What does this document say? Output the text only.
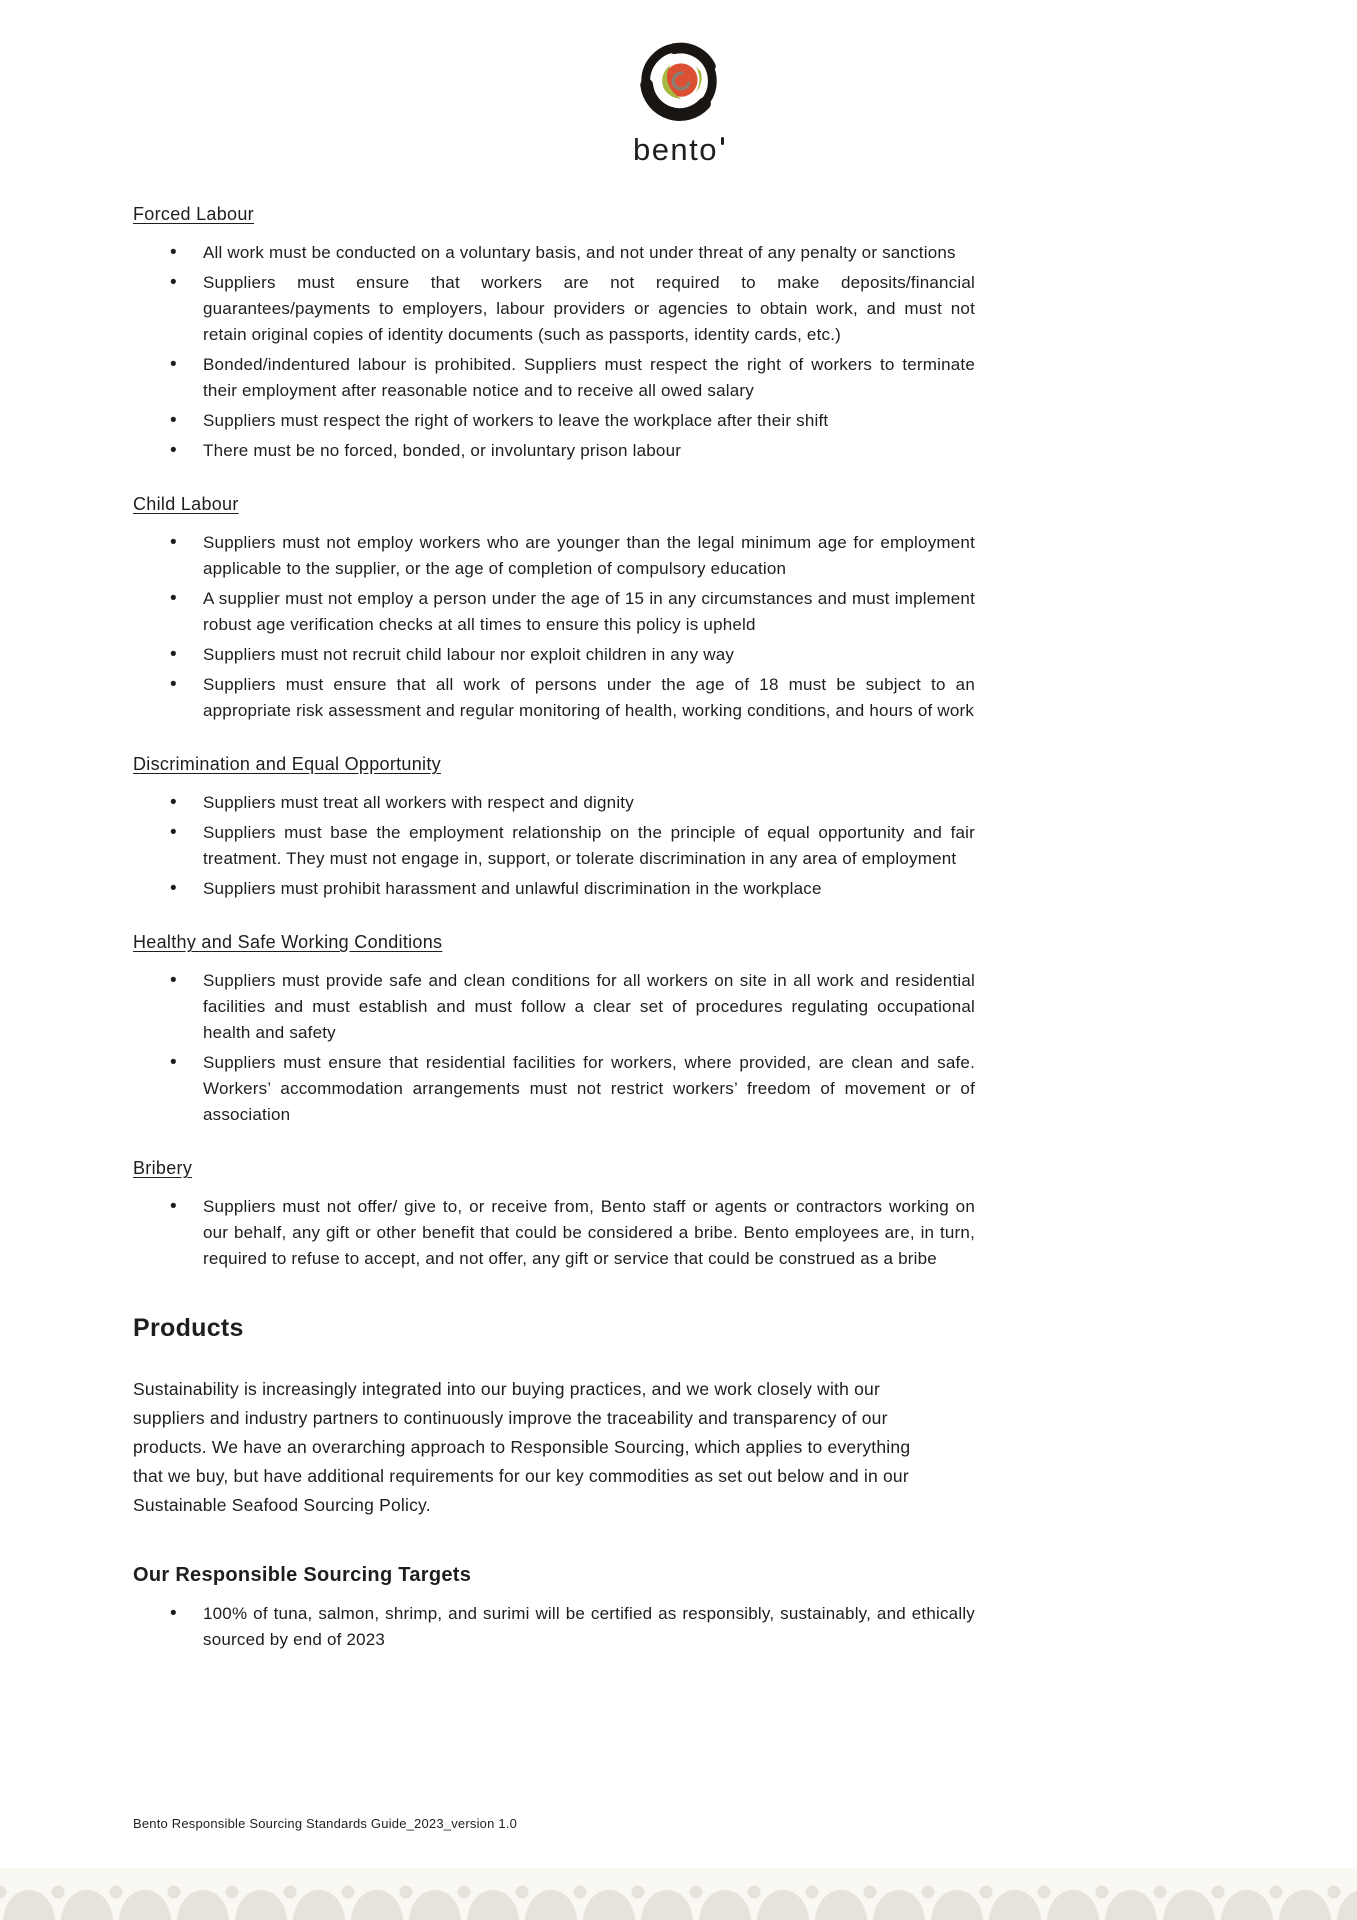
bento
Forced Labour
• All work must be conducted on a voluntary basis, and not under threat of any penalty or sanctions
• Suppliers must ensure that workers are not required to make deposits/financial guarantees/payments to employers, labour providers or agencies to obtain work, and must not retain original copies of identity documents (such as passports, identity cards, etc.)
• Bonded/indentured labour is prohibited. Suppliers must respect the right of workers to terminate their employment after reasonable notice and to receive all owed salary
• Suppliers must respect the right of workers to leave the workplace after their shift
• There must be no forced, bonded, or involuntary prison labour
Child Labour
• Suppliers must not employ workers who are younger than the legal minimum age for employment applicable to the supplier, or the age of completion of compulsory education
• A supplier must not employ a person under the age of 15 in any circumstances and must implement robust age verification checks at all times to ensure this policy is upheld
• Suppliers must not recruit child labour nor exploit children in any way
• Suppliers must ensure that all work of persons under the age of 18 must be subject to an appropriate risk assessment and regular monitoring of health, working conditions, and hours of work
Discrimination and Equal Opportunity
• Suppliers must treat all workers with respect and dignity
• Suppliers must base the employment relationship on the principle of equal opportunity and fair treatment. They must not engage in, support, or tolerate discrimination in any area of employment
• Suppliers must prohibit harassment and unlawful discrimination in the workplace
Healthy and Safe Working Conditions
• Suppliers must provide safe and clean conditions for all workers on site in all work and residential facilities and must establish and must follow a clear set of procedures regulating occupational health and safety
• Suppliers must ensure that residential facilities for workers, where provided, are clean and safe. Workers’ accommodation arrangements must not restrict workers’ freedom of movement or of association
Bribery
• Suppliers must not offer/ give to, or receive from, Bento staff or agents or contractors working on our behalf, any gift or other benefit that could be considered a bribe. Bento employees are, in turn, required to refuse to accept, and not offer, any gift or service that could be construed as a bribe
Products

Sustainability is increasingly integrated into our buying practices, and we work closely with our suppliers and industry partners to continuously improve the traceability and transparency of our products. We have an overarching approach to Responsible Sourcing, which applies to everything that we buy, but have additional requirements for our key commodities as set out below and in our Sustainable Seafood Sourcing Policy.

Our Responsible Sourcing Targets
• 100% of tuna, salmon, shrimp, and surimi will be certified as responsibly, sustainably, and ethically sourced by end of 2023
Bento Responsible Sourcing Standards Guide_2023_version 1.0
